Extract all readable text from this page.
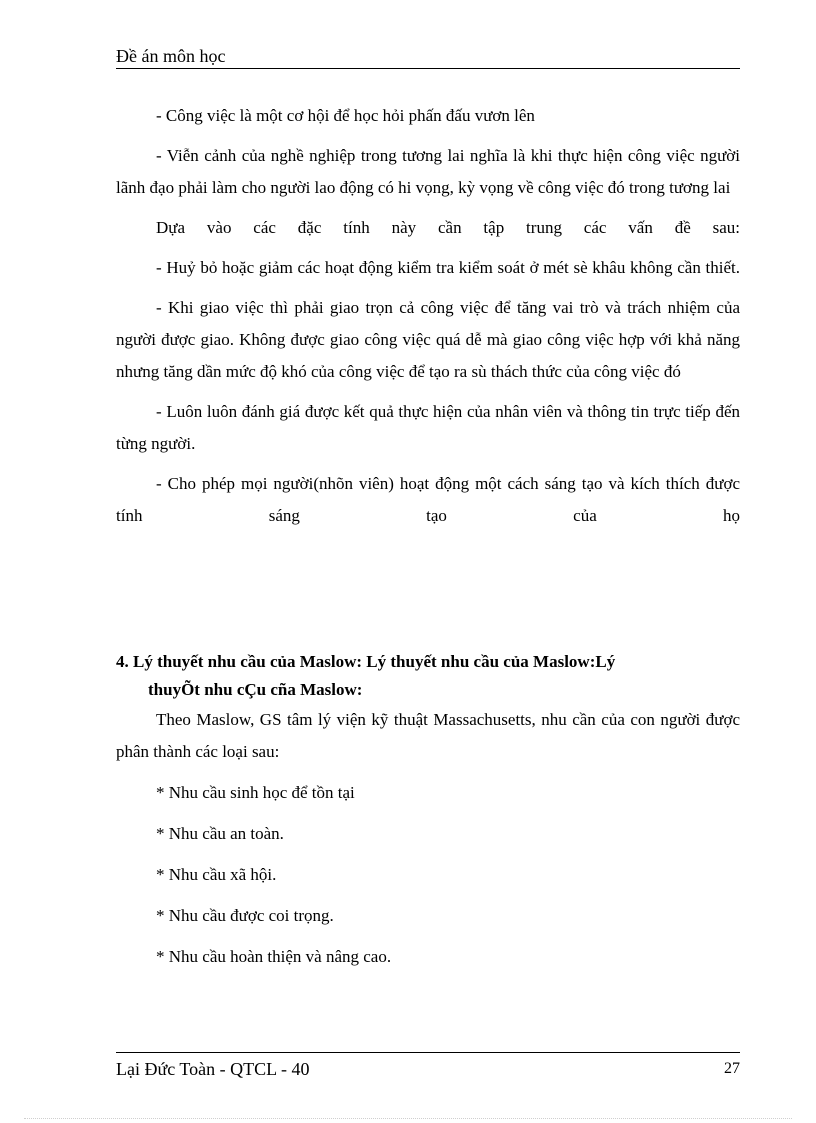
Đề án môn học

- Công việc là một cơ hội để học hỏi phấn đấu vươn lên

- Viễn cảnh của nghề nghiệp trong tương lai nghĩa là khi thực hiện công việc người lãnh đạo phải làm cho người lao động có hi vọng, kỳ vọng về công việc đó trong tương lai

Dựa vào các đặc tính này cần tập trung các vấn đề sau:

- Huỷ bỏ hoặc giảm các hoạt động kiểm tra kiểm soát ở mét sè khâu không cần thiết.

- Khi giao việc thì phải giao trọn cả công việc để tăng vai trò và trách nhiệm của người được giao. Không được giao công việc quá dễ mà giao công việc hợp với khả năng nhưng tăng dần mức độ khó của công việc để tạo ra sù thách thức của công việc đó

- Luôn luôn đánh giá được kết quả thực hiện của nhân viên và thông tin trực tiếp đến từng người.

- Cho phép mọi người(nhõn viên) hoạt động một cách sáng tạo và kích thích được tính sáng tạo của họ

4. Lý thuyết nhu cầu của Maslow: Lý thuyết nhu cầu của Maslow:Lý
thuyÕt nhu cÇu cña Maslow:

Theo Maslow, GS tâm lý viện kỹ thuật Massachusetts, nhu cần của con người được phân thành các loại sau:

* Nhu cầu sinh học để tồn tại
* Nhu cầu an toàn.
* Nhu cầu xã hội.
* Nhu cầu được coi trọng.
* Nhu cầu hoàn thiện và nâng cao.
Lại Đức Toàn - QTCL - 40	27
